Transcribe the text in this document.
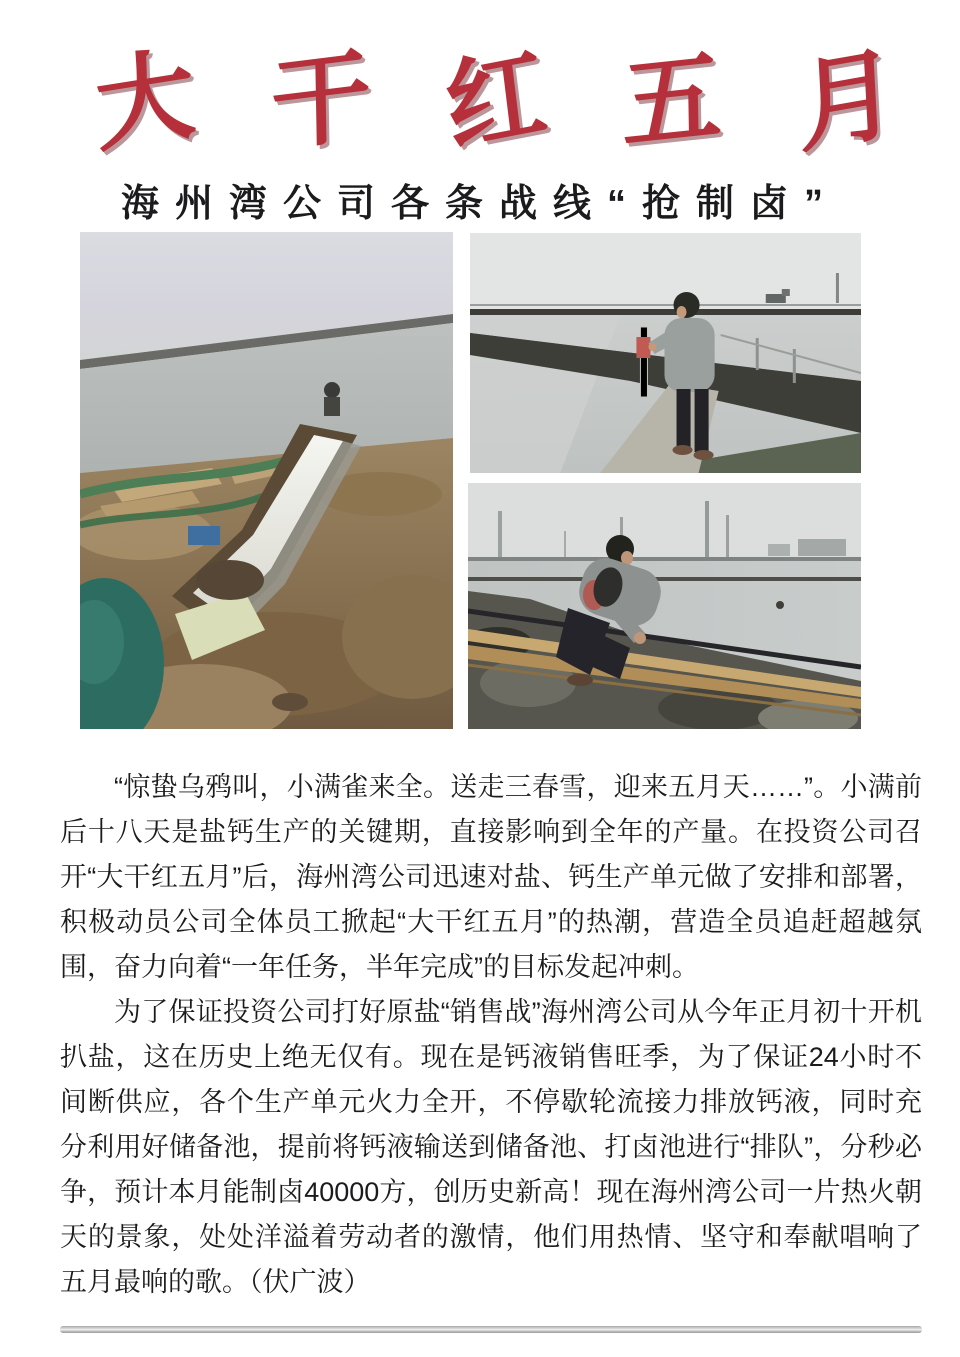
大 干 红 五 月
海州湾公司各条战线“抢制卤”

“惊蛰乌鸦叫，小满雀来全。送走三春雪，迎来五月天……”。小满前后十八天是盐钙生产的关键期，直接影响到全年的产量。在投资公司召开“大干红五月”后，海州湾公司迅速对盐、钙生产单元做了安排和部署，积极动员公司全体员工掀起“大干红五月”的热潮，营造全员追赶超越氛围，奋力向着“一年任务，半年完成”的目标发起冲刺。

为了保证投资公司打好原盐“销售战”海州湾公司从今年正月初十开机扒盐，这在历史上绝无仅有。现在是钙液销售旺季，为了保证24小时不间断供应，各个生产单元火力全开，不停歇轮流接力排放钙液，同时充分利用好储备池，提前将钙液输送到储备池、打卤池进行“排队”，分秒必争，预计本月能制卤40000方，创历史新高！现在海州湾公司一片热火朝天的景象，处处洋溢着劳动者的激情，他们用热情、坚守和奉献唱响了五月最响的歌。（伏广波）
